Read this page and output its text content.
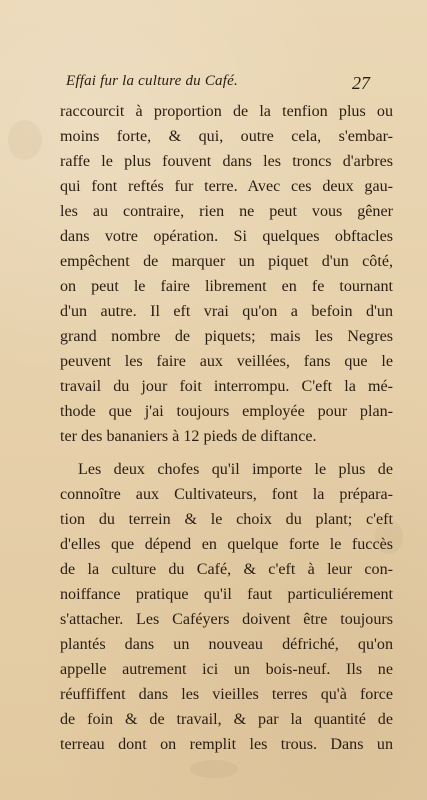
Effai fur la culture du Café.	27
raccourcit à proportion de la tenfion plus ou
moins forte, & qui, outre cela, s'embar-
raffe le plus fouvent dans les troncs d'arbres
qui font reftés fur terre. Avec ces deux gau-
les au contraire, rien ne peut vous gêner
dans votre opération. Si quelques obftacles
empêchent de marquer un piquet d'un côté,
on peut le faire librement en fe tournant
d'un autre. Il eft vrai qu'on a befoin d'un
grand nombre de piquets; mais les Negres
peuvent les faire aux veillées, fans que le
travail du jour foit interrompu. C'eft la mé-
thode que j'ai toujours employée pour plan-
ter des bananiers à 12 pieds de diftance.
Les deux chofes qu'il importe le plus de
connoître aux Cultivateurs, font la prépara-
tion du terrein & le choix du plant; c'eft
d'elles que dépend en quelque forte le fuccès
de la culture du Café, & c'eft à leur con-
noiffance pratique qu'il faut particuliérement
s'attacher. Les Caféyers doivent être toujours
plantés dans un nouveau défriché, qu'on
appelle autrement ici un bois-neuf. Ils ne
réuffiffent dans les vieilles terres qu'à force
de foin & de travail, & par la quantité de
terreau dont on remplit les trous. Dans un
